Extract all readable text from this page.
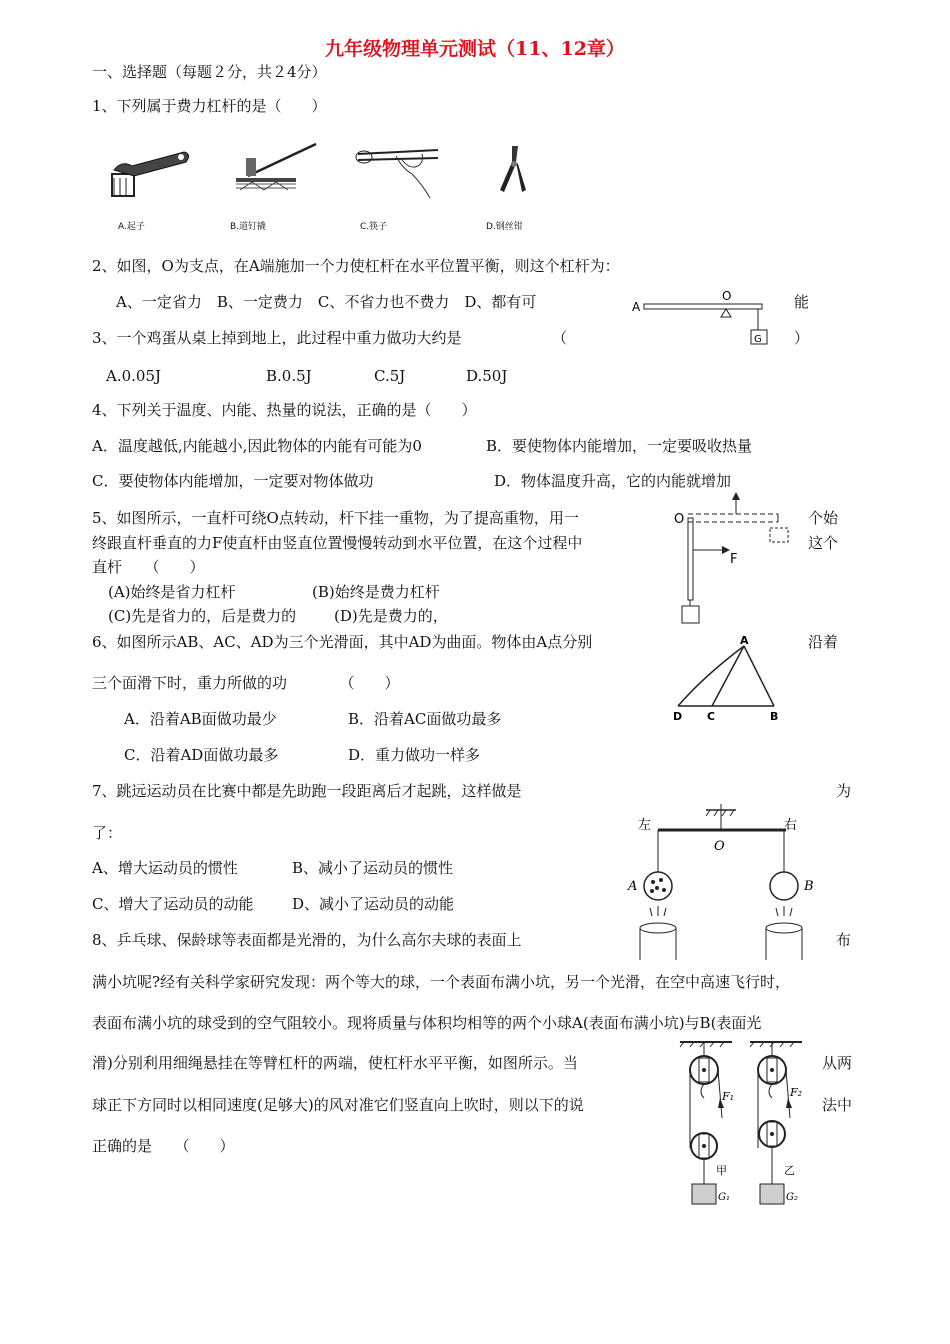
九年级物理单元测试（11、12章）
一、选择题（每题２分，共２4分）
1、下列属于费力杠杆的是（　　）
A.起子	B.道钉撬	C.筷子	D.钢丝钳
2、如图，O为支点，在A端施加一个力使杠杆在水平位置平衡，则这个杠杆为：
A、一定省力　B、一定费力　C、不省力也不费力　D、都有可	能
A
O
G
3、一个鸡蛋从桌上掉到地上，此过程中重力做功大约是	（	）
A.0.05J	B.0.5J	C.5J	D.50J
4、下列关于温度、内能、热量的说法，正确的是（　　）
A．温度越低,内能越小,因此物体的内能有可能为0	B．要使物体内能增加，一定要吸收热量
C．要使物体内能增加，一定要对物体做功	D．物体温度升高，它的内能就增加
5、如图所示，一直杆可绕O点转动，杆下挂一重物，为了提高重物，用一	个始
终跟直杆垂直的力F使直杆由竖直位置慢慢转动到水平位置，在这个过程中	这个
直杆　　（　　）
(A)始终是省力杠杆	(B)始终是费力杠杆
(C)先是省力的，后是费力的	(D)先是费力的，
O
F
6、如图所示AB、AC、AD为三个光滑面，其中AD为曲面。物体由A点分别	沿着
三个面滑下时，重力所做的功　　　　（　　）
A．沿着AB面做功最少	B．沿着AC面做功最多
C．沿着AD面做功最多	D．重力做功一样多
A
B
C
D
7、跳远运动员在比赛中都是先助跑一段距离后才起跳，这样做是	为
了：
A、增大运动员的惯性	B、减小了运动员的惯性
C、增大了运动员的动能	D、减小了运动员的动能
左	右
O
A	B
8、乒乓球、保龄球等表面都是光滑的，为什么高尔夫球的表面上	布
满小坑呢?经有关科学家研究发现：两个等大的球，一个表面布满小坑，另一个光滑，在空中高速飞行时，
表面布满小坑的球受到的空气阻较小。现将质量与体积均相等的两个小球A(表面布满小坑)与B(表面光
滑)分别利用细绳悬挂在等臂杠杆的两端，使杠杆水平平衡，如图所示。当	从两
球正下方同时以相同速度(足够大)的风对准它们竖直向上吹时，则以下的说	法中
正确的是　　（　　）
F₁
甲
G₁
F₂
乙
G₂
